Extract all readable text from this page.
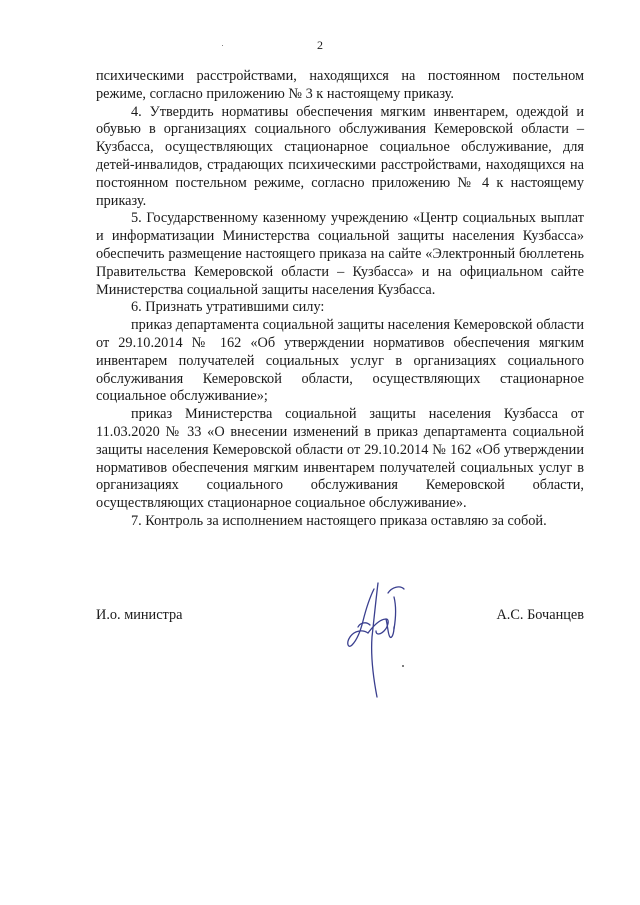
2

психическими расстройствами, находящихся на постоянном постельном режиме, согласно приложению № 3 к настоящему приказу.

4. Утвердить нормативы обеспечения мягким инвентарем, одеждой и обувью в организациях социального обслуживания Кемеровской области – Кузбасса, осуществляющих стационарное социальное обслуживание, для детей-инвалидов, страдающих психическими расстройствами, находящихся на постоянном постельном режиме, согласно приложению № 4 к настоящему приказу.

5. Государственному казенному учреждению «Центр социальных выплат и информатизации Министерства социальной защиты населения Кузбасса» обеспечить размещение настоящего приказа на сайте «Электронный бюллетень Правительства Кемеровской области – Кузбасса» и на официальном сайте Министерства социальной защиты населения Кузбасса.

6. Признать утратившими силу:

приказ департамента социальной защиты населения Кемеровской области от 29.10.2014 № 162 «Об утверждении нормативов обеспечения мягким инвентарем получателей социальных услуг в организациях социального обслуживания Кемеровской области, осуществляющих стационарное социальное обслуживание»;

приказ Министерства социальной защиты населения Кузбасса от 11.03.2020 № 33 «О внесении изменений в приказ департамента социальной защиты населения Кемеровской области от 29.10.2014 № 162 «Об утверждении нормативов обеспечения мягким инвентарем получателей социальных услуг в организациях социального обслуживания Кемеровской области, осуществляющих стационарное социальное обслуживание».

7. Контроль за исполнением настоящего приказа оставляю за собой.

И.о. министра	А.С. Бочанцев
